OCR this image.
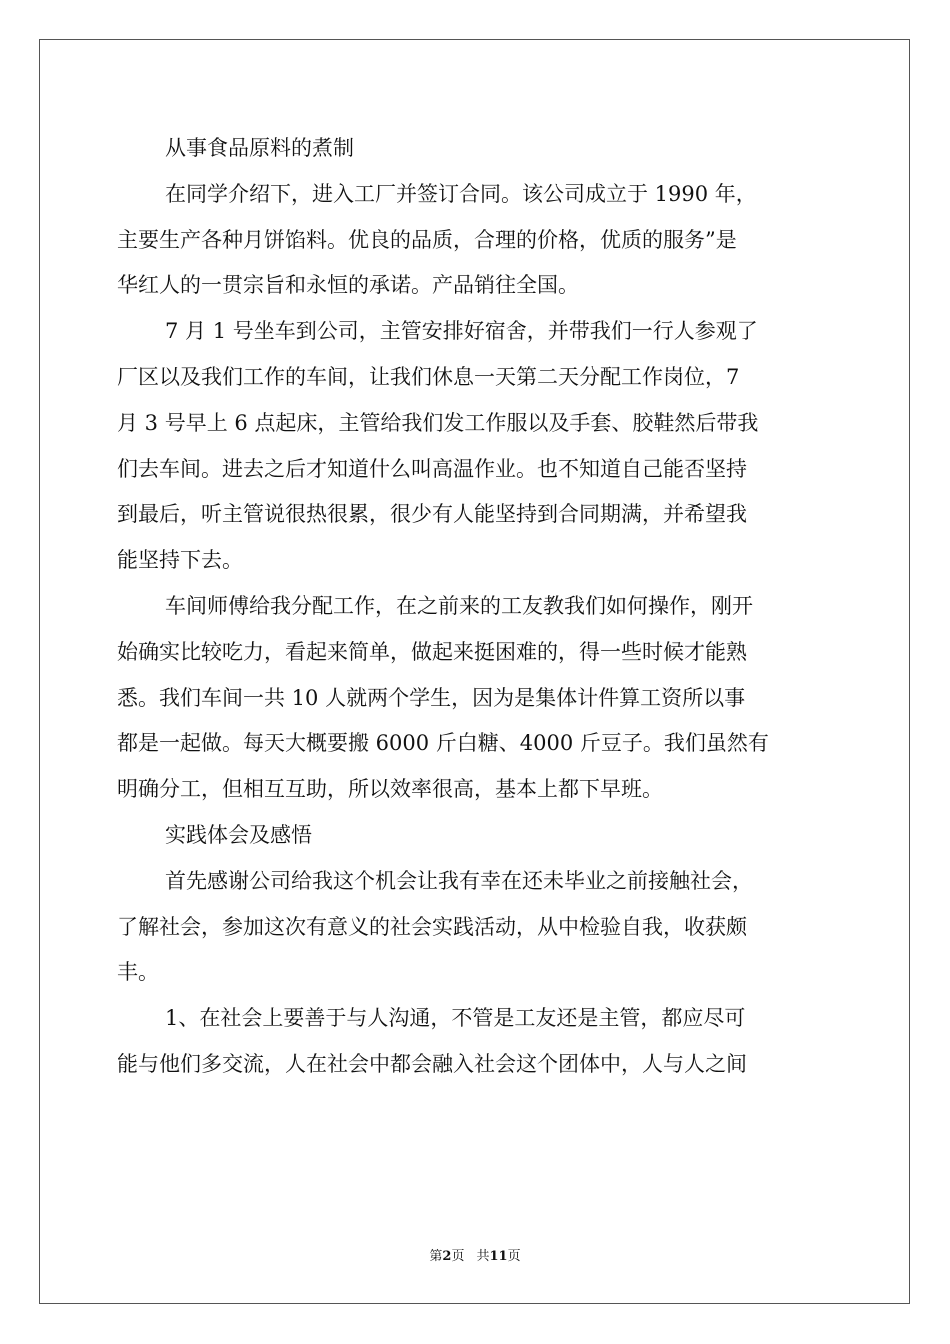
从事食品原料的煮制
在同学介绍下，进入工厂并签订合同。该公司成立于 1990 年，
主要生产各种月饼馅料。优良的品质，合理的价格，优质的服务”是
华红人的一贯宗旨和永恒的承诺。产品销往全国。
7 月 1 号坐车到公司，主管安排好宿舍，并带我们一行人参观了
厂区以及我们工作的车间，让我们休息一天第二天分配工作岗位，7
月 3 号早上 6 点起床，主管给我们发工作服以及手套、胶鞋然后带我
们去车间。进去之后才知道什么叫高温作业。也不知道自己能否坚持
到最后，听主管说很热很累，很少有人能坚持到合同期满，并希望我
能坚持下去。
车间师傅给我分配工作，在之前来的工友教我们如何操作，刚开
始确实比较吃力，看起来简单，做起来挺困难的，得一些时候才能熟
悉。我们车间一共 10 人就两个学生，因为是集体计件算工资所以事
都是一起做。每天大概要搬 6000 斤白糖、4000 斤豆子。我们虽然有
明确分工，但相互互助，所以效率很高，基本上都下早班。
实践体会及感悟
首先感谢公司给我这个机会让我有幸在还未毕业之前接触社会，
了解社会，参加这次有意义的社会实践活动，从中检验自我，收获颇
丰。
1、在社会上要善于与人沟通，不管是工友还是主管，都应尽可
能与他们多交流，人在社会中都会融入社会这个团体中，人与人之间
第2页 共11页
